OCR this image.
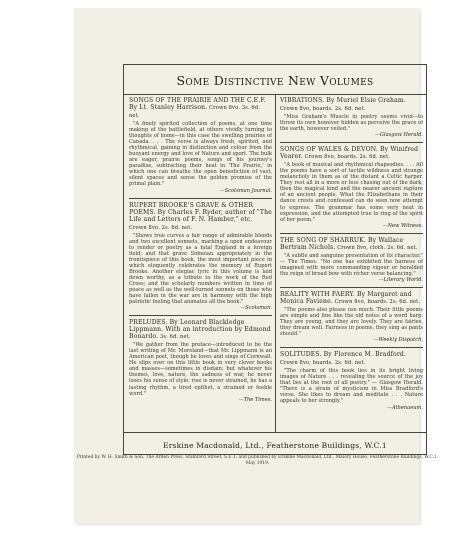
Some Distinctive New Volumes
SONGS OF THE PRAIRIE AND THE C.E.F. By Lt. Stanley Harrison. Crown 8vo. 3s. 6d. net.
"A finely spirited collection of poems, at one time making of the battlefield, at others vividly turning to thoughts of home—in this case the swelling prairies of Canada. . . . The verse is always fresh, spirited, and rhythmical, gaining in distinction and colour from the buoyant energy and love of Nature and sport. The bulk are eager, prairie poems, songs of his journey's paradise, subtracting their heat in 'The Prairie,' in which one can breathe the open benediction of vast, silent spaces and sense the golden promise of the primal plain."
—Scotsman Journal.
RUPERT BROOKE'S GRAVE & OTHER POEMS. By Charles F. Ryder, author of "The Life and Letters of F. N. Hamber," etc. Crown 8vo. 2s. 6d. net.
"Shows true curves a fair range of admirable blends and two excellent sonnets, marking a open endeavour to render or poetry as a fatal England in a foreign field; and that grave Sidneian appropriately in the frontispiece of this book, the most important piece in which eloquently celebrates the memory of Rupert Brooke. Another elegiac lyric in this volume is laid down worthy, as a tribute to the work of the Red Cross; and the scholarly numbers written in time of peace as well as the well-turned sonnets on those who have fallen in the war are in harmony with the high patriotic feeling that animates all the book."
—Scotsman.
PRELUDES. By Leonard Blackledge Lippmann. With an introduction by Edmond Bonardo. 3s. 6d. net.
"We gather from the preface—introduced to be the last writing of Mr. Moreland—that Mr. Lippmann is an American poet, though he loves and sings of Cornwall. He slips over on this little book in very clever books and masses—sometimes in disdain; but whatever his themes, love, nature, the sadness of war, he never loses his sense of style: rise is never strained, he has a lasting rhythm, a tired epithet, a strained or feeble word."
—The Times.
VIBRATIONS. By Muriel Elsie Graham. Crown 8vo, boards. 2s. 6d. net.
"Miss Graham's Muscle in poetry seems vivid—to throw its own however hidden as perceive the grace of the earth, however veiled."
—Glasgow Herald.
SONGS OF WALES & DEVON. By Winifred Vearer. Crown 8vo, boards. 2s. 6d. net.
"A book of musical and rhythmical rhapsodies. . . . All the poems have a sort of tactile wildness and strange melancholy in them as of the distant a Celtic harper. They rest all in a more or less chasing out of the dark, then the magical kind and the nearer ancient rapture of an ancient people. What the Elizabethans in their dance crests and confessed can do seen now attempt to express. The grammar has some very neat in expression, and the attempted true to ring of the spirit of her poem."
—New Witness.
THE SONG OF SHARRUK. By Wallace Bertram Nichols. Crown 8vo, cloth. 2s. 6d. net.
"A subtle and sanguine presentation of its character." — The Times. "No one has exhibited the harness of imagined with more commanding vigour or heralded the reign of broad bow with richer verse balancing."
—Literary World.
REALITY WITH FAERY. By Margaret and Monica Faviene. Crown 8vo, boards. 2s. 6d. net.
"The poems also please use much. Their little poems are simple and fine like the old notes of a word harp. They are young, and they are lovely. They are fairies, they dream well. Fairness in poems, they sing as pants should."
—Weekly Dispatch.
SOLITUDES. By Florence M. Bradford. Crown 8vo, boards. 2s. 6d. net.
"The charm of this book lies in its bright living images of Nature . . . revealing the source of the joy that lies at the root of all poetry." — Glasgow Herald. "There is a strain of mysticism in Miss Bradford's verse. She likes to dream and meditate . . . Nature appeals to her strongly."
—Athenaeum.
Erskine Macdonald, Ltd., Featherstone Buildings, W.C.1
Printed by W. H. Smith & Son, The Arden Press, Stamford Street, S.E.1; and published by Erskine Macdonald, Ltd., Malory House, Featherstone Buildings, W.C.1. May 1919.
